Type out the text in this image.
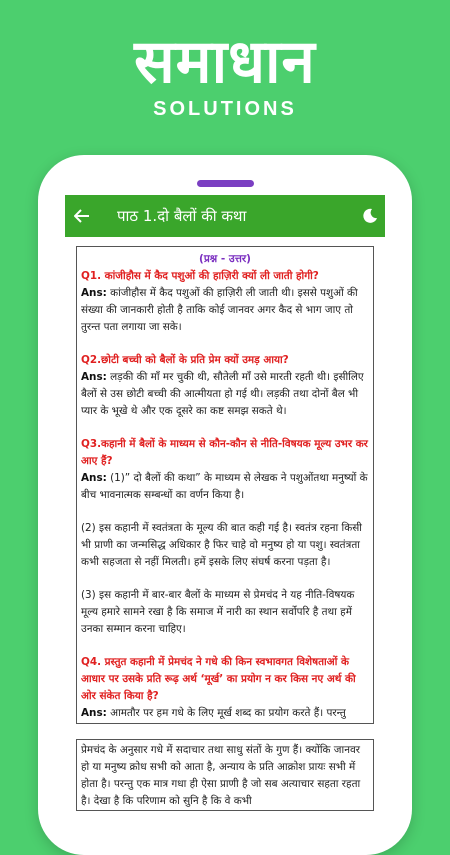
समाधान
SOLUTIONS
पाठ 1.दो बैलों की कथा
(प्रश्न - उत्तर)
Q1. कांजीहौस में कैद पशुओं की हाज़िरी क्यों ली जाती होगी?
Ans: कांजीहौस में कैद पशुओं की हाज़िरी ली जाती थी। इससे पशुओं की संख्या की जानकारी होती है ताकि कोई जानवर अगर कैद से भाग जाए तो तुरन्त पता लगाया जा सके।
Q2.छोटी बच्ची को बैलों के प्रति प्रेम क्यों उमड़ आया?
Ans: लड़की की माँ मर चुकी थी, सौतेली माँ उसे मारती रहती थी। इसीलिए बैलों से उस छोटी बच्ची की आत्मीयता हो गई थी। लड़की तथा दोनों बैल भी प्यार के भूखे थे और एक दूसरे का कष्ट समझ सकते थे।
Q3.कहानी में बैलों के माध्यम से कौन-कौन से नीति-विषयक मूल्य उभर कर आए हैं?
Ans: (1)” दो बैलों की कथा” के माध्यम से लेखक ने पशुओंतथा मनुष्यों के बीच भावनात्मक सम्बन्धों का वर्णन किया है।

(2) इस कहानी में स्वतंत्रता के मूल्य की बात कही गई है। स्वतंत्र रहना किसी भी प्राणी का जन्मसिद्ध अधिकार है फिर चाहे वो मनुष्य हो या पशु। स्वतंत्रता कभी सहजता से नहीं मिलती। हमें इसके लिए संघर्ष करना पड़ता है।

(3) इस कहानी में बार-बार बैलों के माध्यम से प्रेमचंद ने यह नीति-विषयक मूल्य हमारे सामने रखा है कि समाज में नारी का स्थान सर्वोपरि है तथा हमें उनका सम्मान करना चाहिए।

Q4. प्रस्तुत कहानी में प्रेमचंद ने गधे की किन स्वभावगत विशेषताओं के आधार पर उसके प्रति रूढ़ अर्थ ‘मूर्ख’ का प्रयोग न कर किस नए अर्थ की ओर संकेत किया है?
Ans: आमतौर पर हम गधे के लिए मूर्ख शब्द का प्रयोग करते हैं। परन्तु
प्रेमचंद के अनुसार गधे में सदाचार तथा साधु संतों के गुण हैं। क्योंकि जानवर हो या मनुष्य क्रोध सभी को आता है, अन्याय के प्रति आक्रोश प्रायः सभी में होता है। परन्तु एक मात्र गधा ही ऐसा प्राणी है जो सब अत्याचार सहता रहता है। देखा है कि परिणाम को सुनि है कि वे कभी
